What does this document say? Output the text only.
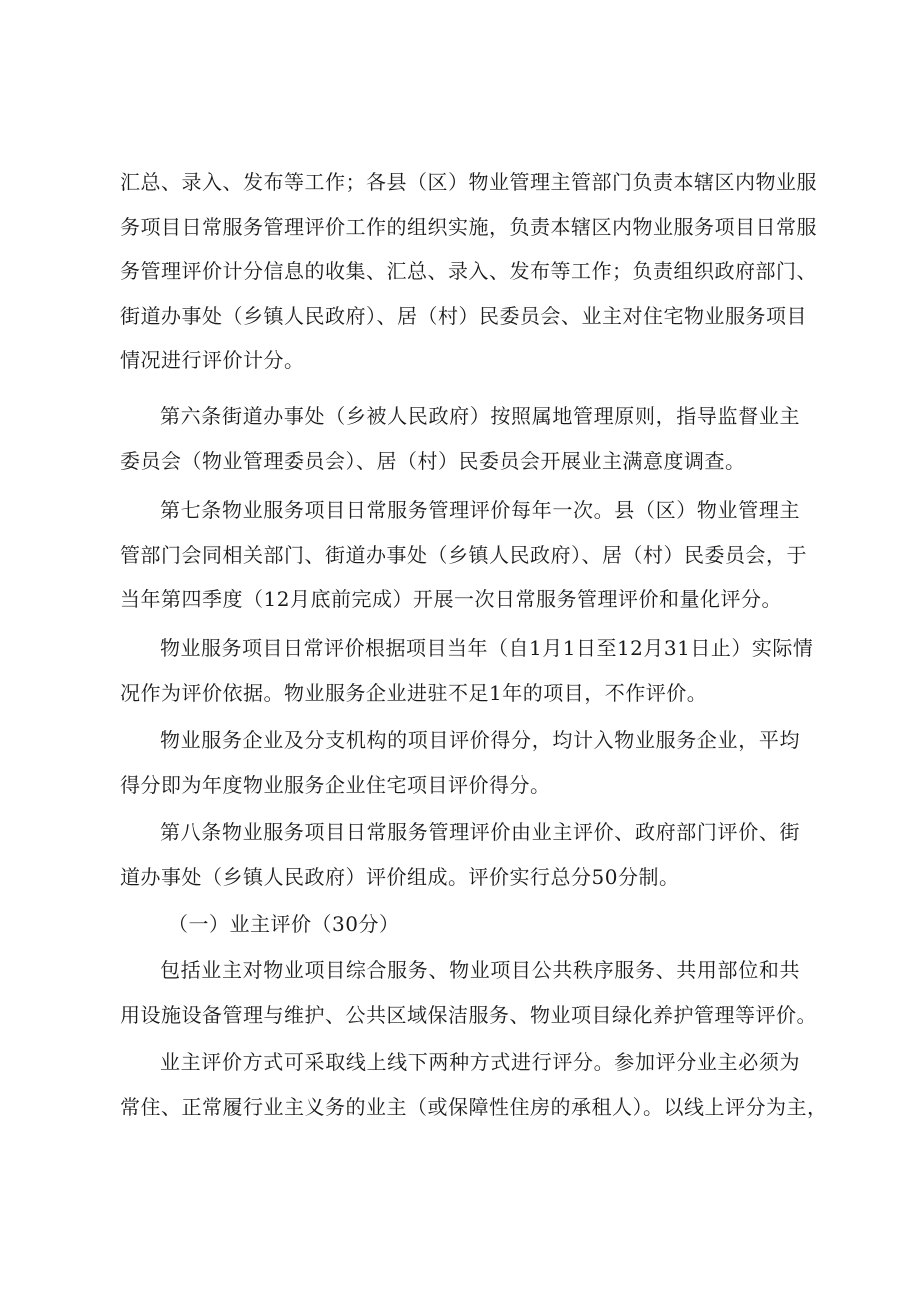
汇总、录入、发布等工作；各县（区）物业管理主管部门负责本辖区内物业服
务项目日常服务管理评价工作的组织实施，负责本辖区内物业服务项目日常服
务管理评价计分信息的收集、汇总、录入、发布等工作；负责组织政府部门、
街道办事处（乡镇人民政府）、居（村）民委员会、业主对住宅物业服务项目
情况进行评价计分。
第六条街道办事处（乡被人民政府）按照属地管理原则，指导监督业主
委员会（物业管理委员会）、居（村）民委员会开展业主满意度调查。
第七条物业服务项目日常服务管理评价每年一次。县（区）物业管理主
管部门会同相关部门、街道办事处（乡镇人民政府）、居（村）民委员会，于
当年第四季度（12月底前完成）开展一次日常服务管理评价和量化评分。
物业服务项目日常评价根据项目当年（自1月1日至12月31日止）实际情
况作为评价依据。物业服务企业进驻不足1年的项目，不作评价。
物业服务企业及分支机构的项目评价得分，均计入物业服务企业，平均
得分即为年度物业服务企业住宅项目评价得分。
第八条物业服务项目日常服务管理评价由业主评价、政府部门评价、街
道办事处（乡镇人民政府）评价组成。评价实行总分50分制。
（一）业主评价（30分）
包括业主对物业项目综合服务、物业项目公共秩序服务、共用部位和共
用设施设备管理与维护、公共区域保洁服务、物业项目绿化养护管理等评价。
业主评价方式可采取线上线下两种方式进行评分。参加评分业主必须为
常住、正常履行业主义务的业主（或保障性住房的承租人）。以线上评分为主，
